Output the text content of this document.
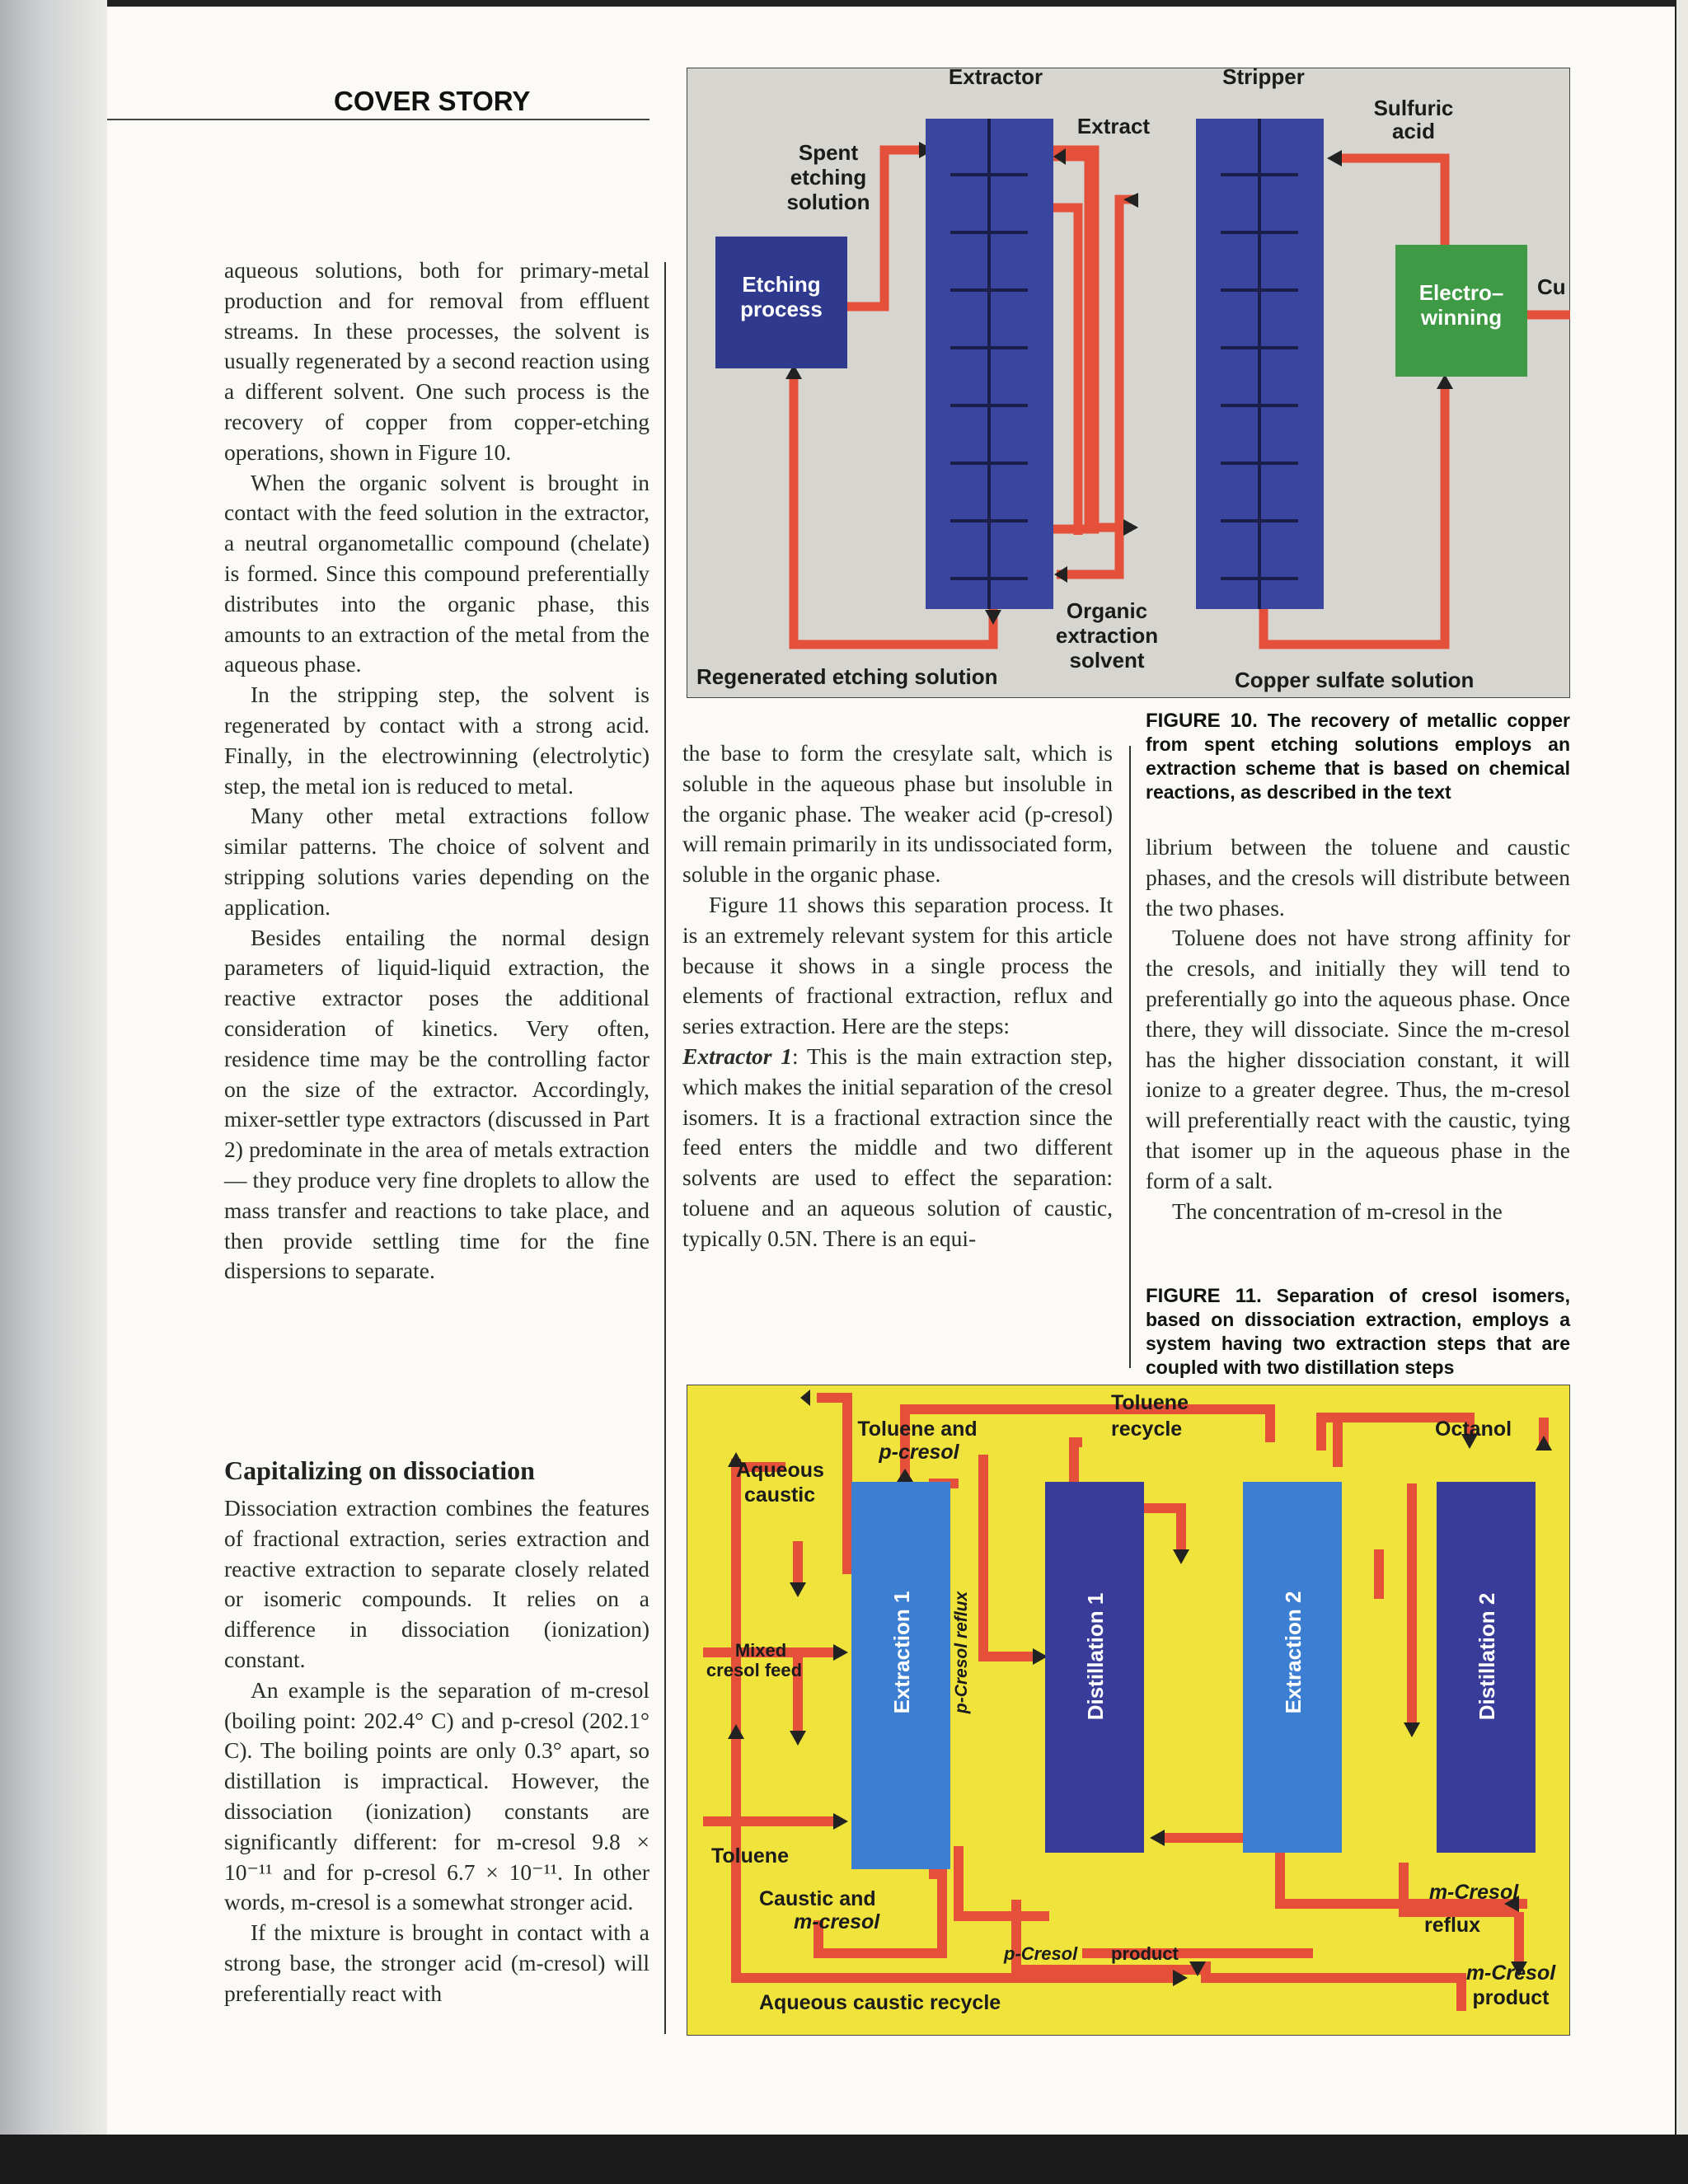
COVER STORY

aqueous solutions, both for primary-metal production and for removal from effluent streams. In these processes, the solvent is usually regenerated by a second reaction using a different solvent. One such process is the recovery of copper from copper-etching operations, shown in Figure 10.

When the organic solvent is brought in contact with the feed solution in the extractor, a neutral organometallic compound (chelate) is formed. Since this compound preferentially distributes into the organic phase, this amounts to an extraction of the metal from the aqueous phase.

In the stripping step, the solvent is regenerated by contact with a strong acid. Finally, in the electrowinning (electrolytic) step, the metal ion is reduced to metal.

Many other metal extractions follow similar patterns. The choice of solvent and stripping solutions varies depending on the application.

Besides entailing the normal design parameters of liquid-liquid extraction, the reactive extractor poses the additional consideration of kinetics. Very often, residence time may be the controlling factor on the size of the extractor. Accordingly, mixer-settler type extractors (discussed in Part 2) predominate in the area of metals extraction — they produce very fine droplets to allow the mass transfer and reactions to take place, and then provide settling time for the fine dispersions to separate.

Capitalizing on dissociation

Dissociation extraction combines the features of fractional extraction, series extraction and reactive extraction to separate closely related or isomeric compounds. It relies on a difference in dissociation (ionization) constant.

An example is the separation of m-cresol (boiling point: 202.4° C) and p-cresol (202.1° C). The boiling points are only 0.3° apart, so distillation is impractical. However, the dissociation (ionization) constants are significantly different: for m-cresol 9.8 × 10⁻¹¹ and for p-cresol 6.7 × 10⁻¹¹. In other words, m-cresol is a somewhat stronger acid.

If the mixture is brought in contact with a strong base, the stronger acid (m-cresol) will preferentially react with

the base to form the cresylate salt, which is soluble in the aqueous phase but insoluble in the organic phase. The weaker acid (p-cresol) will remain primarily in its undissociated form, soluble in the organic phase.

Figure 11 shows this separation process. It is an extremely relevant system for this article because it shows in a single process the elements of fractional extraction, reflux and series extraction. Here are the steps:

Extractor 1: This is the main extraction step, which makes the initial separation of the cresol isomers. It is a fractional extraction since the feed enters the middle and two different solvents are used to effect the separation: toluene and an aqueous solution of caustic, typically 0.5N. There is an equi-

FIGURE 10. The recovery of metallic copper from spent etching solutions employs an extraction scheme that is based on chemical reactions, as described in the text

librium between the toluene and caustic phases, and the cresols will distribute between the two phases.

Toluene does not have strong affinity for the cresols, and initially they will tend to preferentially go into the aqueous phase. Once there, they will dissociate. Since the m-cresol has the higher dissociation constant, it will ionize to a greater degree. Thus, the m-cresol will preferentially react with the caustic, tying that isomer up in the aqueous phase in the form of a salt.

The concentration of m-cresol in the

FIGURE 11. Separation of cresol isomers, based on dissociation extraction, employs a system having two extraction steps that are coupled with two distillation steps
Extractor	Stripper
Extract
Sulfuric
acid
Spent
etching
solution
Etching
process
Electro–
winning
Cu
Organic
extraction
solvent
Regenerated etching solution	Copper sulfate solution
Toluene and
p-cresol
Toluene
recycle	Octanol
Aqueous
caustic
Mixed
cresol feed	Extraction 1 p-Cresol reflux	Distillation 1	Extraction 2	Distillation 2
Toluene
Caustic and
m-cresol
m-Cresol
reflux
p-Cresol product
m-Cresol
product
Aqueous caustic recycle
